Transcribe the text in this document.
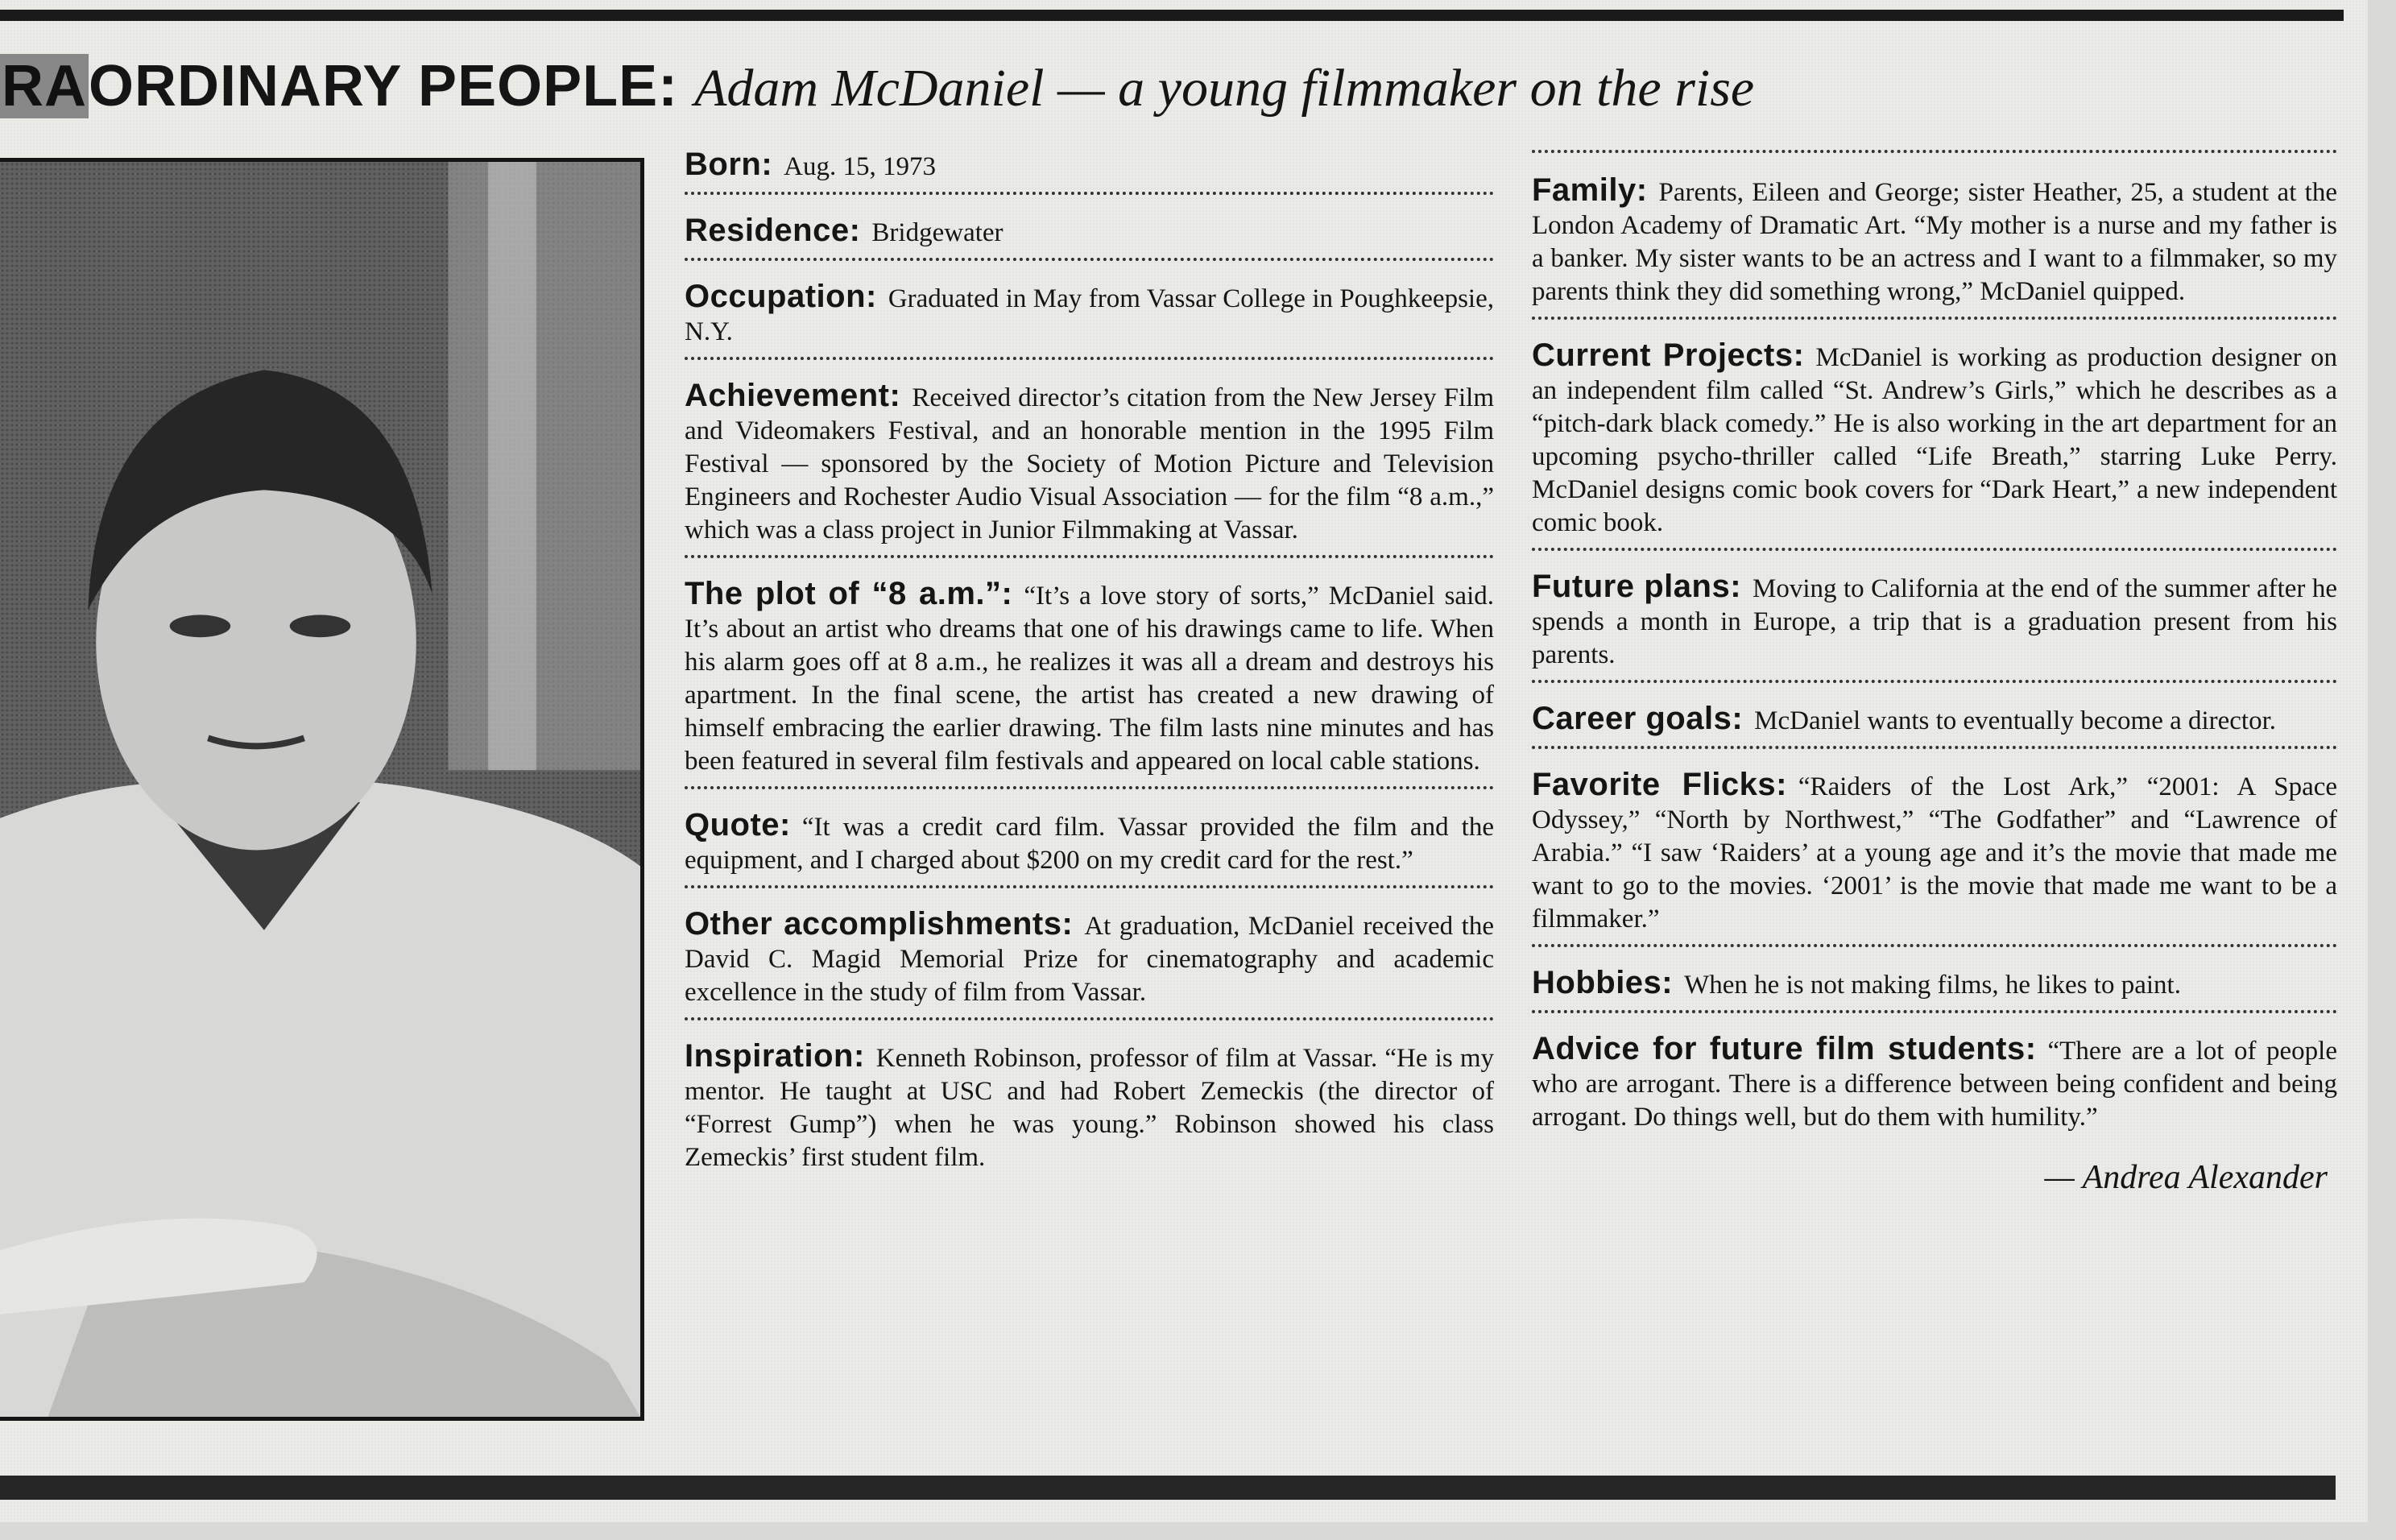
RAORDINARY PEOPLE: Adam McDaniel — a young filmmaker on the rise

Born: Aug. 15, 1973

Residence: Bridgewater

Occupation: Graduated in May from Vassar College in Poughkeepsie, N.Y.

Achievement: Received director’s citation from the New Jersey Film and Videomakers Festival, and an honorable mention in the 1995 Film Festival — sponsored by the Society of Motion Picture and Television Engineers and Rochester Audio Visual Association — for the film “8 a.m.,” which was a class project in Junior Filmmaking at Vassar.

The plot of “8 a.m.”: “It’s a love story of sorts,” McDaniel said. It’s about an artist who dreams that one of his drawings came to life. When his alarm goes off at 8 a.m., he realizes it was all a dream and destroys his apartment. In the final scene, the artist has created a new drawing of himself embracing the earlier drawing. The film lasts nine minutes and has been featured in several film festivals and appeared on local cable stations.

Quote: “It was a credit card film. Vassar provided the film and the equipment, and I charged about $200 on my credit card for the rest.”

Other accomplishments: At graduation, McDaniel received the David C. Magid Memorial Prize for cinematography and academic excellence in the study of film from Vassar.

Inspiration: Kenneth Robinson, professor of film at Vassar. “He is my mentor. He taught at USC and had Robert Zemeckis (the director of “Forrest Gump”) when he was young.” Robinson showed his class Zemeckis’ first student film.

Family: Parents, Eileen and George; sister Heather, 25, a student at the London Academy of Dramatic Art. “My mother is a nurse and my father is a banker. My sister wants to be an actress and I want to a filmmaker, so my parents think they did something wrong,” McDaniel quipped.

Current Projects: McDaniel is working as production designer on an independent film called “St. Andrew’s Girls,” which he describes as a “pitch-dark black comedy.” He is also working in the art department for an upcoming psycho-thriller called “Life Breath,” starring Luke Perry. McDaniel designs comic book covers for “Dark Heart,” a new independent comic book.

Future plans: Moving to California at the end of the summer after he spends a month in Europe, a trip that is a graduation present from his parents.

Career goals: McDaniel wants to eventually become a director.

Favorite Flicks: “Raiders of the Lost Ark,” “2001: A Space Odyssey,” “North by Northwest,” “The Godfather” and “Lawrence of Arabia.” “I saw ‘Raiders’ at a young age and it’s the movie that made me want to go to the movies. ‘2001’ is the movie that made me want to be a filmmaker.”

Hobbies: When he is not making films, he likes to paint.

Advice for future film students: “There are a lot of people who are arrogant. There is a difference between being confident and being arrogant. Do things well, but do them with humility.”

— Andrea Alexander
